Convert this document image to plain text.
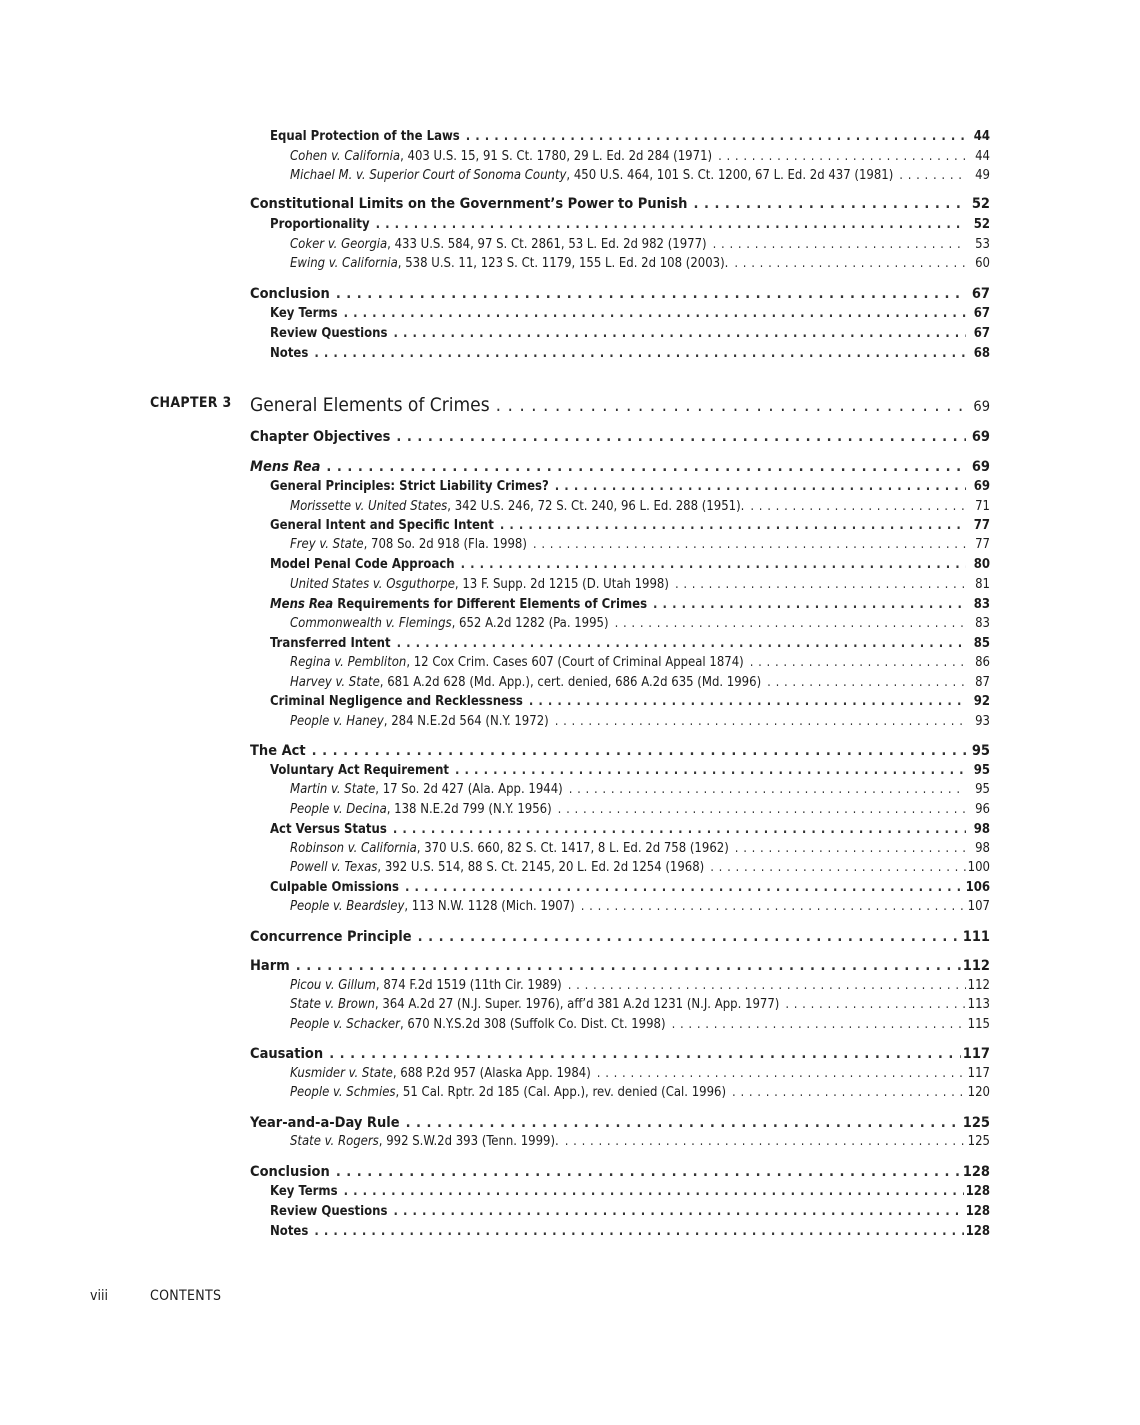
Equal Protection of the Laws . . .	44
Cohen v. California, 403 U.S. 15, 91 S. Ct. 1780, 29 L. Ed. 2d 284 (1971) . . .	44
Michael M. v. Superior Court of Sonoma County, 450 U.S. 464, 101 S. Ct. 1200, 67 L. Ed. 2d 437 (1981) . . .	49
Constitutional Limits on the Government’s Power to Punish . . .	52
Proportionality . . .	52
Coker v. Georgia, 433 U.S. 584, 97 S. Ct. 2861, 53 L. Ed. 2d 982 (1977) . . .	53
Ewing v. California, 538 U.S. 11, 123 S. Ct. 1179, 155 L. Ed. 2d 108 (2003). . . .	60
Conclusion . . .	67
Key Terms . . .	67
Review Questions . . .	67
Notes . . .	68
General Elements of Crimes . . .	69
Chapter Objectives . . .	69
Mens Rea . . .	69
General Principles: Strict Liability Crimes? . . .	69
Morissette v. United States, 342 U.S. 246, 72 S. Ct. 240, 96 L. Ed. 288 (1951). . . .	71
General Intent and Specific Intent . . .	77
Frey v. State, 708 So. 2d 918 (Fla. 1998) . . .	77
Model Penal Code Approach . . .	80
United States v. Osguthorpe, 13 F. Supp. 2d 1215 (D. Utah 1998) . . .	81
Mens Rea Requirements for Different Elements of Crimes . . .	83
Commonwealth v. Flemings, 652 A.2d 1282 (Pa. 1995) . . .	83
Transferred Intent . . .	85
Regina v. Pembliton, 12 Cox Crim. Cases 607 (Court of Criminal Appeal 1874) . . .	86
Harvey v. State, 681 A.2d 628 (Md. App.), cert. denied, 686 A.2d 635 (Md. 1996) . . .	87
Criminal Negligence and Recklessness . . .	92
People v. Haney, 284 N.E.2d 564 (N.Y. 1972) . . .	93
The Act . . .	95
Voluntary Act Requirement . . .	95
Martin v. State, 17 So. 2d 427 (Ala. App. 1944) . . .	95
People v. Decina, 138 N.E.2d 799 (N.Y. 1956) . . .	96
Act Versus Status . . .	98
Robinson v. California, 370 U.S. 660, 82 S. Ct. 1417, 8 L. Ed. 2d 758 (1962) . . .	98
Powell v. Texas, 392 U.S. 514, 88 S. Ct. 2145, 20 L. Ed. 2d 1254 (1968) . . .	100
Culpable Omissions . . .	106
People v. Beardsley, 113 N.W. 1128 (Mich. 1907) . . .	107
Concurrence Principle . . .	111
Harm . . .	112
Picou v. Gillum, 874 F.2d 1519 (11th Cir. 1989) . . .	112
State v. Brown, 364 A.2d 27 (N.J. Super. 1976), aff’d 381 A.2d 1231 (N.J. App. 1977) . . .	113
People v. Schacker, 670 N.Y.S.2d 308 (Suffolk Co. Dist. Ct. 1998) . . .	115
Causation . . .	117
Kusmider v. State, 688 P.2d 957 (Alaska App. 1984) . . .	117
People v. Schmies, 51 Cal. Rptr. 2d 185 (Cal. App.), rev. denied (Cal. 1996) . . .	120
Year-and-a-Day Rule . . .	125
State v. Rogers, 992 S.W.2d 393 (Tenn. 1999). . . .	125
Conclusion . . .	128
Key Terms . . .	128
Review Questions . . .	128
Notes . . .	128
CHAPTER 3
viii	CONTENTS
